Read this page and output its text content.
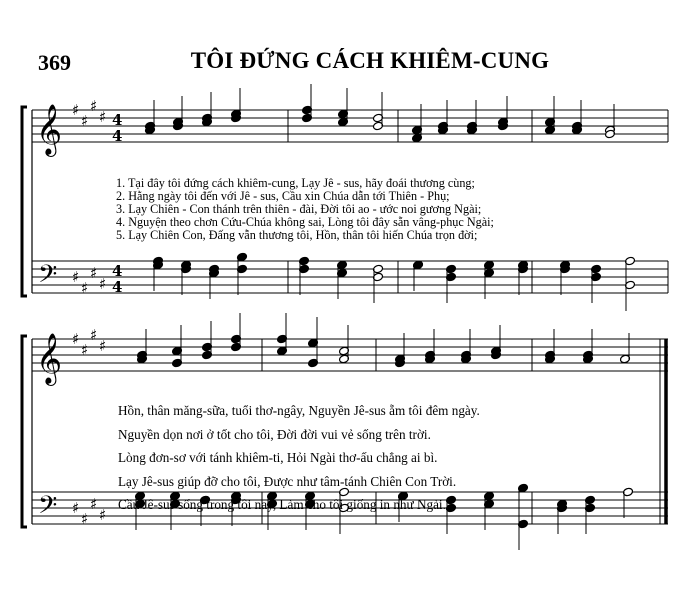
369	TÔI ĐỨNG CÁCH KHIÊM-CUNG
𝄞 ♯
♯
♯
♯
𝄞 ♯
♯
♯
♯
𝄢 ♯
♯
♯
♯
𝄢 ♯
♯
♯
♯
4
4
4
4
1. Tại đây tôi đứng cách khiêm-cung, Lạy Jê - sus, hãy đoái thương cùng;
2. Hằng ngày tôi đến với Jê - sus, Cầu xin Chúa dẫn tới Thiên - Phụ;
3. Lạy Chiên - Con thánh trên thiên - đài, Đời tôi ao - ước noi gương Ngài;
4. Nguyện theo chơn Cứu-Chúa không sai, Lòng tôi đây sẵn vâng-phục Ngài;
5. Lạy Chiên Con, Đấng vẫn thương tôi, Hồn, thân tôi hiến Chúa trọn đời;
Hồn, thân măng-sữa, tuổi thơ-ngây, Nguyền Jê-sus ẵm tôi đêm ngày.
Nguyền dọn nơi ở tốt cho tôi, Đời đời vui vẻ sống trên trời.
Lòng đơn-sơ với tánh khiêm-ti, Hỏi Ngài thơ-ấu chẳng ai bì.
Lạy Jê-sus giúp đỡ cho tôi, Được như tâm-tánh Chiên Con Trời.
Cầu Jê-sus sống trong tôi nay, Làm cho tôi giống in như Ngài.
